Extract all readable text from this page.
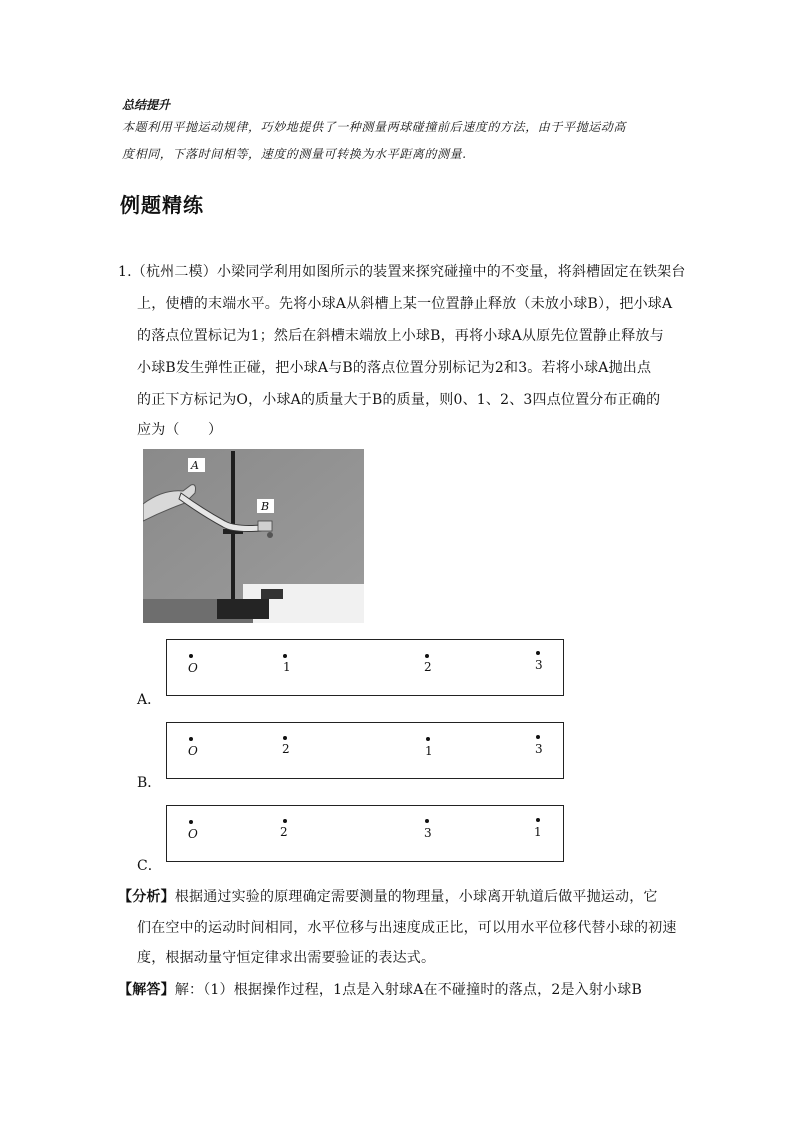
总结提升
本题利用平抛运动规律，巧妙地提供了一种测量两球碰撞前后速度的方法，由于平抛运动高
度相同，下落时间相等，速度的测量可转换为水平距离的测量.
例题精练
1.（杭州二模）小梁同学利用如图所示的装置来探究碰撞中的不变量，将斜槽固定在铁架台
上，使槽的末端水平。先将小球A从斜槽上某一位置静止释放（未放小球B），把小球A
的落点位置标记为1；然后在斜槽末端放上小球B，再将小球A从原先位置静止释放与
小球B发生弹性正碰，把小球A与B的落点位置分别标记为2和3。若将小球A抛出点
的正下方标记为O，小球A的质量大于B的质量，则0、1、2、3四点位置分布正确的
应为（　　）
A
B
O	1	2	3
A．
O	2	1	3
B．
O	2	3	1
C．
【分析】根据通过实验的原理确定需要测量的物理量，小球离开轨道后做平抛运动，它
们在空中的运动时间相同，水平位移与出速度成正比，可以用水平位移代替小球的初速
度，根据动量守恒定律求出需要验证的表达式。
【解答】解：（1）根据操作过程，1点是入射球A在不碰撞时的落点，2是入射小球B
